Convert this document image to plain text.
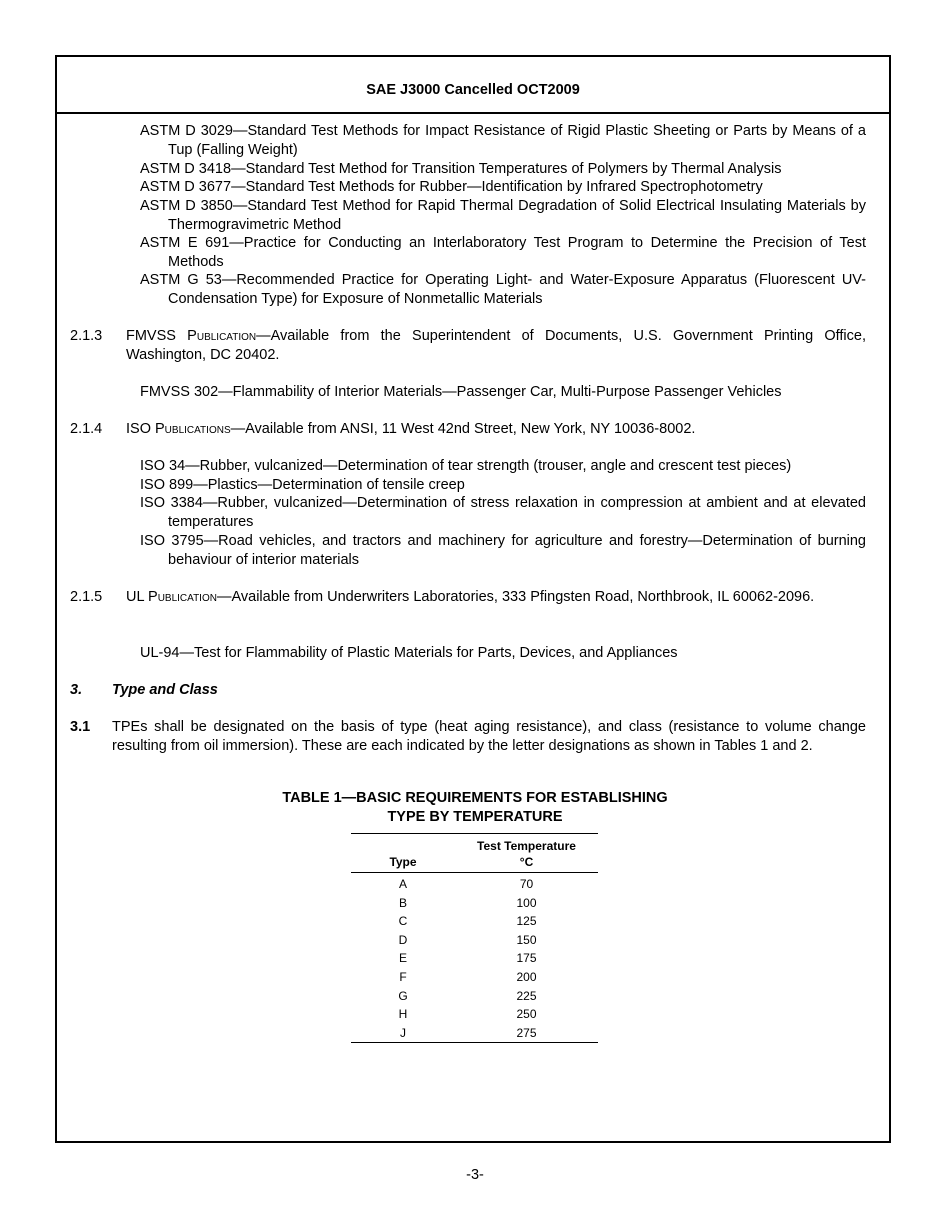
SAE J3000 Cancelled OCT2009
ASTM D 3029—Standard Test Methods for Impact Resistance of Rigid Plastic Sheeting or Parts by Means of a Tup (Falling Weight)
ASTM D 3418—Standard Test Method for Transition Temperatures of Polymers by Thermal Analysis
ASTM D 3677—Standard Test Methods for Rubber—Identification by Infrared Spectrophotometry
ASTM D 3850—Standard Test Method for Rapid Thermal Degradation of Solid Electrical Insulating Materials by Thermogravimetric Method
ASTM E 691—Practice for Conducting an Interlaboratory Test Program to Determine the Precision of Test Methods
ASTM G 53—Recommended Practice for Operating Light- and Water-Exposure Apparatus (Fluorescent UV-Condensation Type) for Exposure of Nonmetallic Materials
2.1.3 FMVSS Publication—Available from the Superintendent of Documents, U.S. Government Printing Office, Washington, DC 20402.
FMVSS 302—Flammability of Interior Materials—Passenger Car, Multi-Purpose Passenger Vehicles
2.1.4 ISO Publications—Available from ANSI, 11 West 42nd Street, New York, NY 10036-8002.
ISO 34—Rubber, vulcanized—Determination of tear strength (trouser, angle and crescent test pieces)
ISO 899—Plastics—Determination of tensile creep
ISO 3384—Rubber, vulcanized—Determination of stress relaxation in compression at ambient and at elevated temperatures
ISO 3795—Road vehicles, and tractors and machinery for agriculture and forestry—Determination of burning behaviour of interior materials
2.1.5 UL Publication—Available from Underwriters Laboratories, 333 Pfingsten Road, Northbrook, IL 60062-2096.
UL-94—Test for Flammability of Plastic Materials for Parts, Devices, and Appliances
3. Type and Class
3.1 TPEs shall be designated on the basis of type (heat aging resistance), and class (resistance to volume change resulting from oil immersion). These are each indicated by the letter designations as shown in Tables 1 and 2.
TABLE 1—BASIC REQUIREMENTS FOR ESTABLISHING
TYPE BY TEMPERATURE
Type	Test Temperature
°C
A	70
B	100
C	125
D	150
E	175
F	200
G	225
H	250
J	275
-3-
